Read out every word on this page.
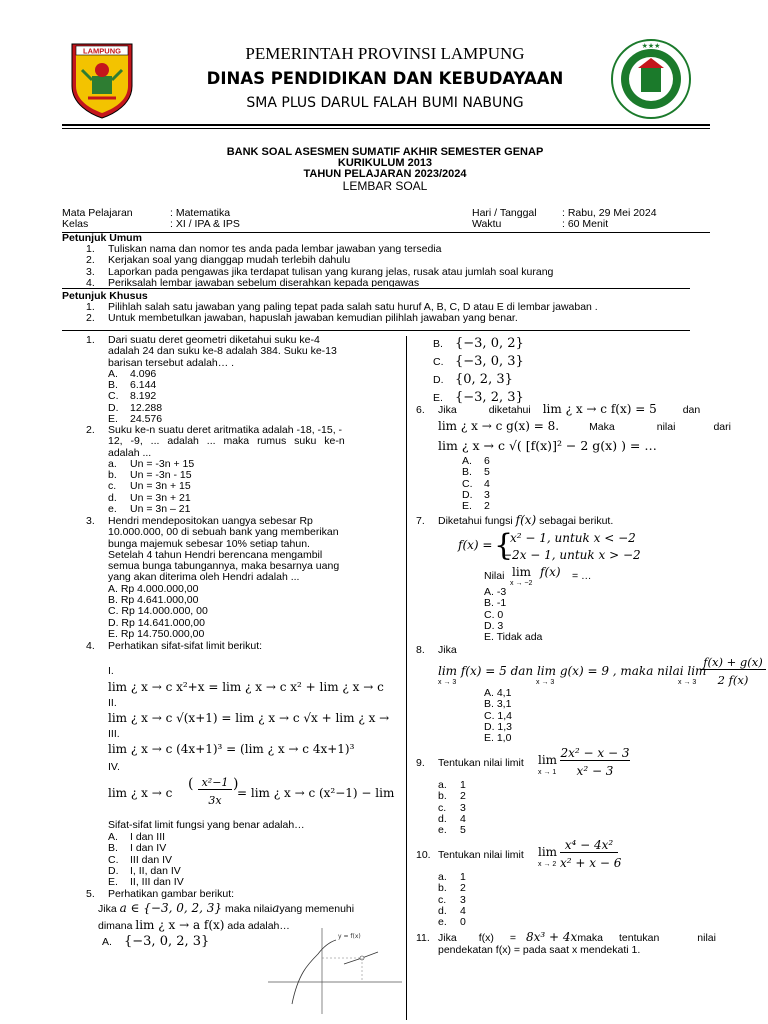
LAMPUNG	★★★
PEMERINTAH PROVINSI LAMPUNG
DINAS PENDIDIKAN DAN KEBUDAYAAN
SMA PLUS DARUL FALAH BUMI NABUNG
BANK SOAL ASESMEN SUMATIF AKHIR SEMESTER GENAP
KURIKULUM 2013
TAHUN PELAJARAN 2023/2024
LEMBAR SOAL
Mata Pelajaran	: Matematika
Kelas	: XI / IPA & IPS
Hari / Tanggal : Rabu, 29 Mei 2024
Waktu	: 60 Menit
Petunjuk Umum
1. Tuliskan nama dan nomor tes anda pada lembar jawaban yang tersedia
2. Kerjakan soal yang dianggap mudah terlebih dahulu
3. Laporkan pada pengawas jika terdapat tulisan yang kurang jelas, rusak atau jumlah soal kurang
4. Periksalah lembar jawaban sebelum diserahkan kepada pengawas
Petunjuk Khusus
1. Pilihlah salah satu jawaban yang paling tepat pada salah satu huruf A, B, C, D atau E di lembar jawaban .
2. Untuk membetulkan jawaban, hapuslah jawaban kemudian pilihlah jawaban yang benar.
1. Dari suatu deret geometri diketahui suku ke-4
adalah 24 dan suku ke-8 adalah 384. Suku ke-13
barisan tersebut adalah… .
A. 4.096
B. 6.144
C. 8.192
D. 12.288
E. 24.576
2. Suku ke-n suatu deret aritmatika adalah -18, -15, -
12, -9, ... adalah ... maka rumus suku ke-n
adalah ...
a. Un = -3n + 15
b. Un = -3n - 15
c. Un = 3n + 15
d. Un = 3n + 21
e. Un = 3n – 21
3. Hendri mendepositokan uangya sebesar Rp
10.000.000, 00 di sebuah bank yang memberikan
bunga majemuk sebesar 10% setiap tahun.
Setelah 4 tahun Hendri berencana mengambil
semua bunga tabungannya, maka besarnya uang
yang akan diterima oleh Hendri adalah ...
A. Rp 4.000.000,00
B. Rp 4.641.000,00
C. Rp 14.000.000, 00
D. Rp 14.641.000,00
E. Rp 14.750.000,00
4. Perhatikan sifat-sifat limit berikut:
I.
lim ¿ x → c x²+x = lim ¿ x → c x² + lim ¿ x → c
II.
lim ¿ x → c √(x+1) = lim ¿ x → c √x + lim ¿ x →
III.
lim ¿ x → c (4x+1)³ = (lim ¿ x → c 4x+1)³
IV.
lim ¿ x → c
( x²−1
3x
)
= lim ¿ x → c (x²−1) − lim
Sifat-sifat limit fungsi yang benar adalah…
A. I dan III
B. I dan IV
C. III dan IV
D. I, II, dan IV
E. II, III dan IV
5. Perhatikan gambar berikut:
Jika a ∈ {−3, 0, 2, 3} maka nilaiayang memenuhi
dimana lim ¿ x → a f(x) ada adalah…
A. {−3, 0, 2, 3}	y = f(x)
B. {−3, 0, 2}
C. {−3, 0, 3}
D. {0, 2, 3}
E. {−3, 2, 3}
6. Jika	diketahui lim ¿ x → c f(x) = 5 dan
lim ¿ x → c g(x) = 8.	Maka	nilai	dari
lim ¿ x → c √( [f(x)]² − 2 g(x) ) = …
A. 6
B. 5
C. 4
D. 3
E. 2
7. Diketahui fungsi f(x) sebagai berikut.
f(x) = {
x² − 1, untuk x < −2
−2x − 1, untuk x > −2
Nilai lim
x → −2
f(x) = …
A. -3
B. -1
C. 0
D. 3
E. Tidak ada
8. Jika
lim f(x) = 5 dan lim g(x) = 9 , maka nilai lim
x → 3	x → 3	x → 3
f(x) + g(x)
2 f(x)
A. 4,1
B. 3,1
C. 1,4
D. 1,3
E. 1,0
9. Tentukan nilai limit lim
x → 1
2x² − x − 3
x² − 3
a. 1
b. 2
c. 3
d. 4
e. 5
10. Tentukan nilai limit lim
x → 2
x⁴ − 4x²
x² + x − 6
a. 1
b. 2
c. 3
d. 4
e. 0
11. Jika f(x) = 8x³ + 4xmaka tentukan	nilai
pendekatan f(x) = pada saat x mendekati 1.
